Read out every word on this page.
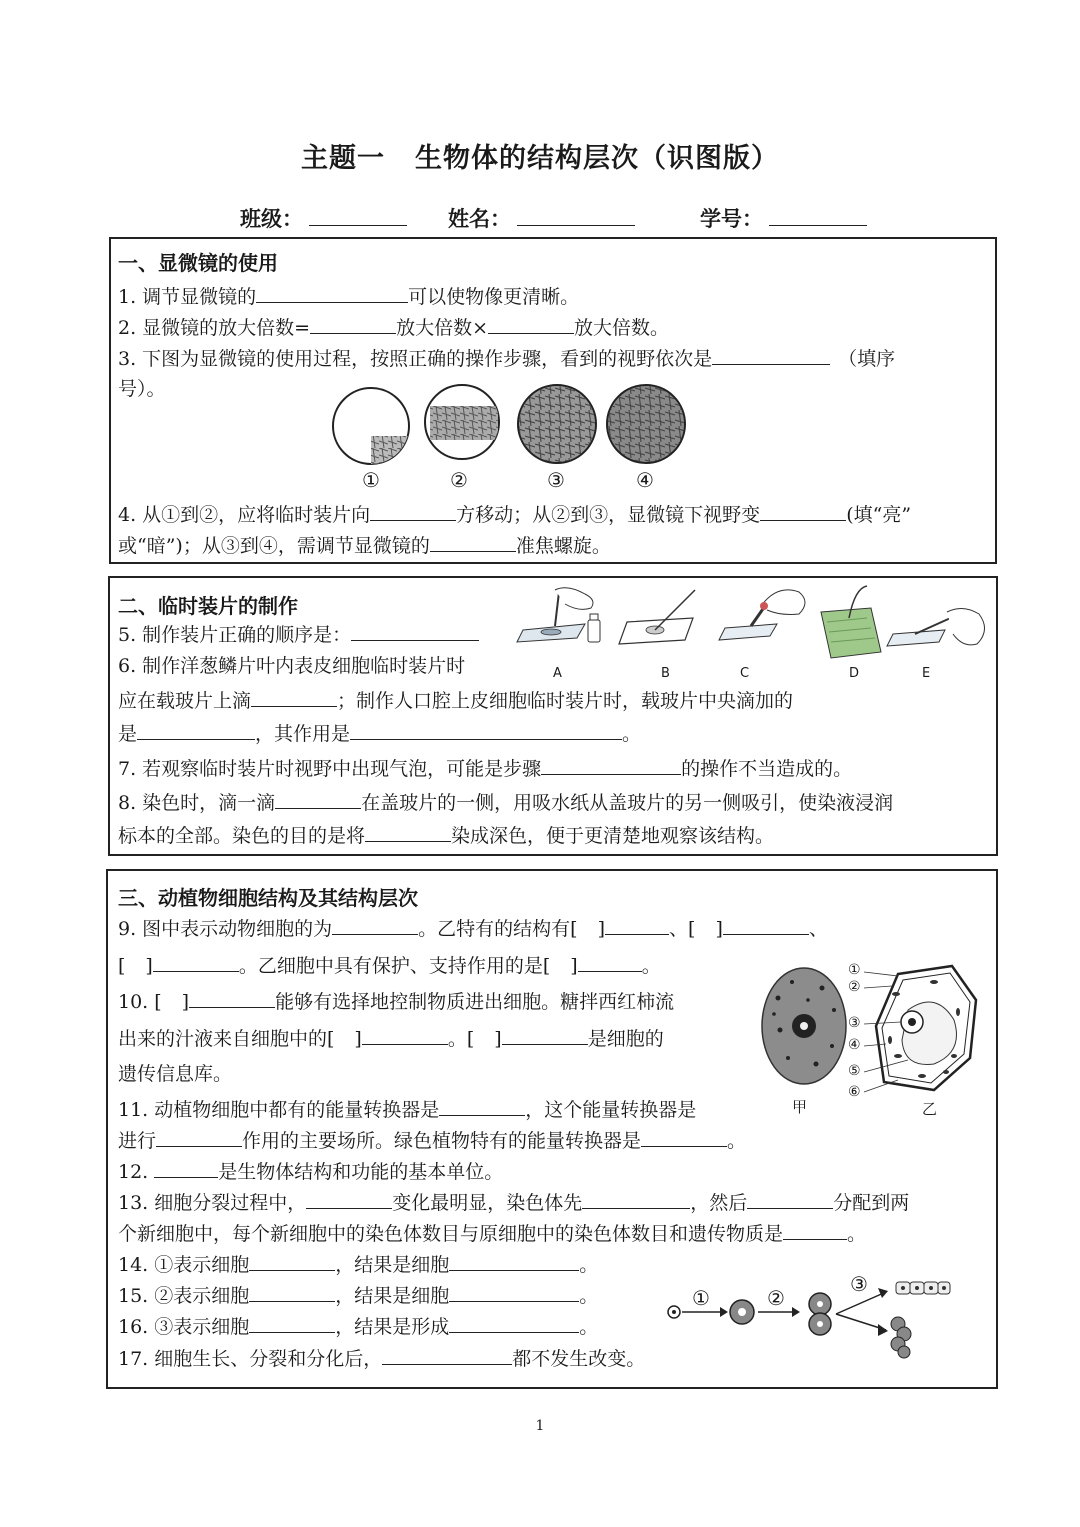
主题一 生物体的结构层次（识图版）
班级：	姓名：	学号：
一、显微镜的使用
1. 调节显微镜的	可以使物像更清晰。
2. 显微镜的放大倍数=	放大倍数×	放大倍数。
3. 下图为显微镜的使用过程，按照正确的操作步骤，看到的视野依次是	（填序
号）。
①	②	③	④
4. 从①到②，应将临时装片向	方移动；从②到③，显微镜下视野变	(填“亮”
或“暗”)；从③到④，需调节显微镜的	准焦螺旋。
二、临时装片的制作
5. 制作装片正确的顺序是：
6. 制作洋葱鳞片叶内表皮细胞临时装片时
应在载玻片上滴	；制作人口腔上皮细胞临时装片时，载玻片中央滴加的
是	，其作用是	。
7. 若观察临时装片时视野中出现气泡，可能是步骤	的操作不当造成的。
8. 染色时，滴一滴	在盖玻片的一侧，用吸水纸从盖玻片的另一侧吸引，使染液浸润
标本的全部。染色的目的是将	染成深色，便于更清楚地观察该结构。
A	B	C	D	E
三、动植物细胞结构及其结构层次
9. 图中表示动物细胞的为	。乙特有的结构有[ ]	、[ ]	、
[ ]	。乙细胞中具有保护、支持作用的是[ ]	。
10. [ ]	能够有选择地控制物质进出细胞。糖拌西红柿流
出来的汁液来自细胞中的[ ]	。[ ]	是细胞的
遗传信息库。
11. 动植物细胞中都有的能量转换器是	，这个能量转换器是
进行	作用的主要场所。绿色植物特有的能量转换器是	。
12.	是生物体结构和功能的基本单位。
13. 细胞分裂过程中，	变化最明显，染色体先	，然后	分配到两
个新细胞中，每个新细胞中的染色体数目与原细胞中的染色体数目和遗传物质是	。
14. ①表示细胞	，结果是细胞	。
15. ②表示细胞	，结果是细胞	。
16. ③表示细胞	，结果是形成	。
17. 细胞生长、分裂和分化后，	都不发生改变。
①
②
③
④
⑤
⑥
甲	乙
①	②
③
1
